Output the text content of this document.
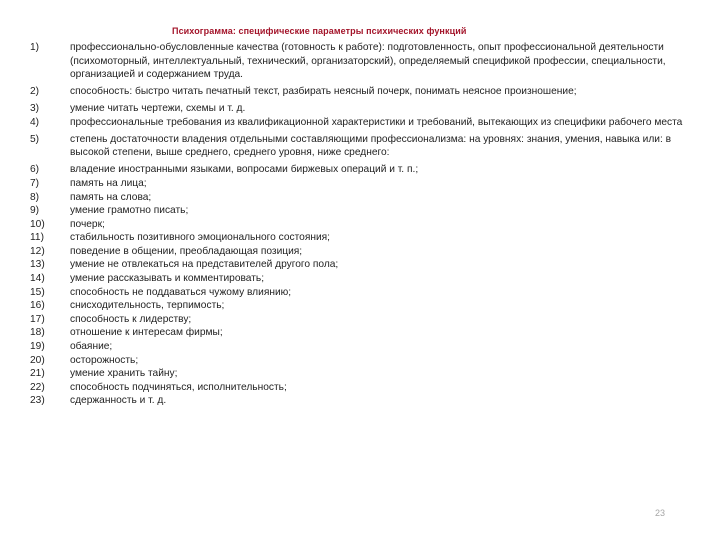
Психограмма: специфические параметры психических функций
1)	профессионально-обусловленные качества (готовность к работе): подготовленность, опыт профессиональной деятельности (психомоторный, интеллектуальный, технический, организаторский), определяемый спецификой профессии, специальности, организацией и содержанием труда.
2)	способность: быстро читать печатный текст, разбирать неясный почерк, понимать неясное произношение;
3)	умение читать чертежи, схемы и т. д.
4)	профессиональные требования из квалификационной характеристики и требований, вытекающих из специфики рабочего места
5)	степень достаточности владения отдельными составляющими профессионализма: на уровнях: знания, умения, навыка или: в высокой степени, выше среднего, среднего уровня, ниже среднего:
6)	владение иностранными языками, вопросами биржевых операций и т. п.;
7)	память на лица;
8)	память на слова;
9)	умение грамотно писать;
10)	почерк;
11)	стабильность позитивного эмоционального состояния;
12)	поведение в общении, преобладающая позиция;
13)	умение не отвлекаться на представителей другого пола;
14)	умение рассказывать и комментировать;
15)	способность не поддаваться чужому влиянию;
16)	снисходительность, терпимость;
17)	способность к лидерству;
18)	отношение к интересам фирмы;
19)	обаяние;
20)	осторожность;
21)	умение хранить тайну;
22)	способность подчиняться, исполнительность;
23)	сдержанность и т. д.
23
